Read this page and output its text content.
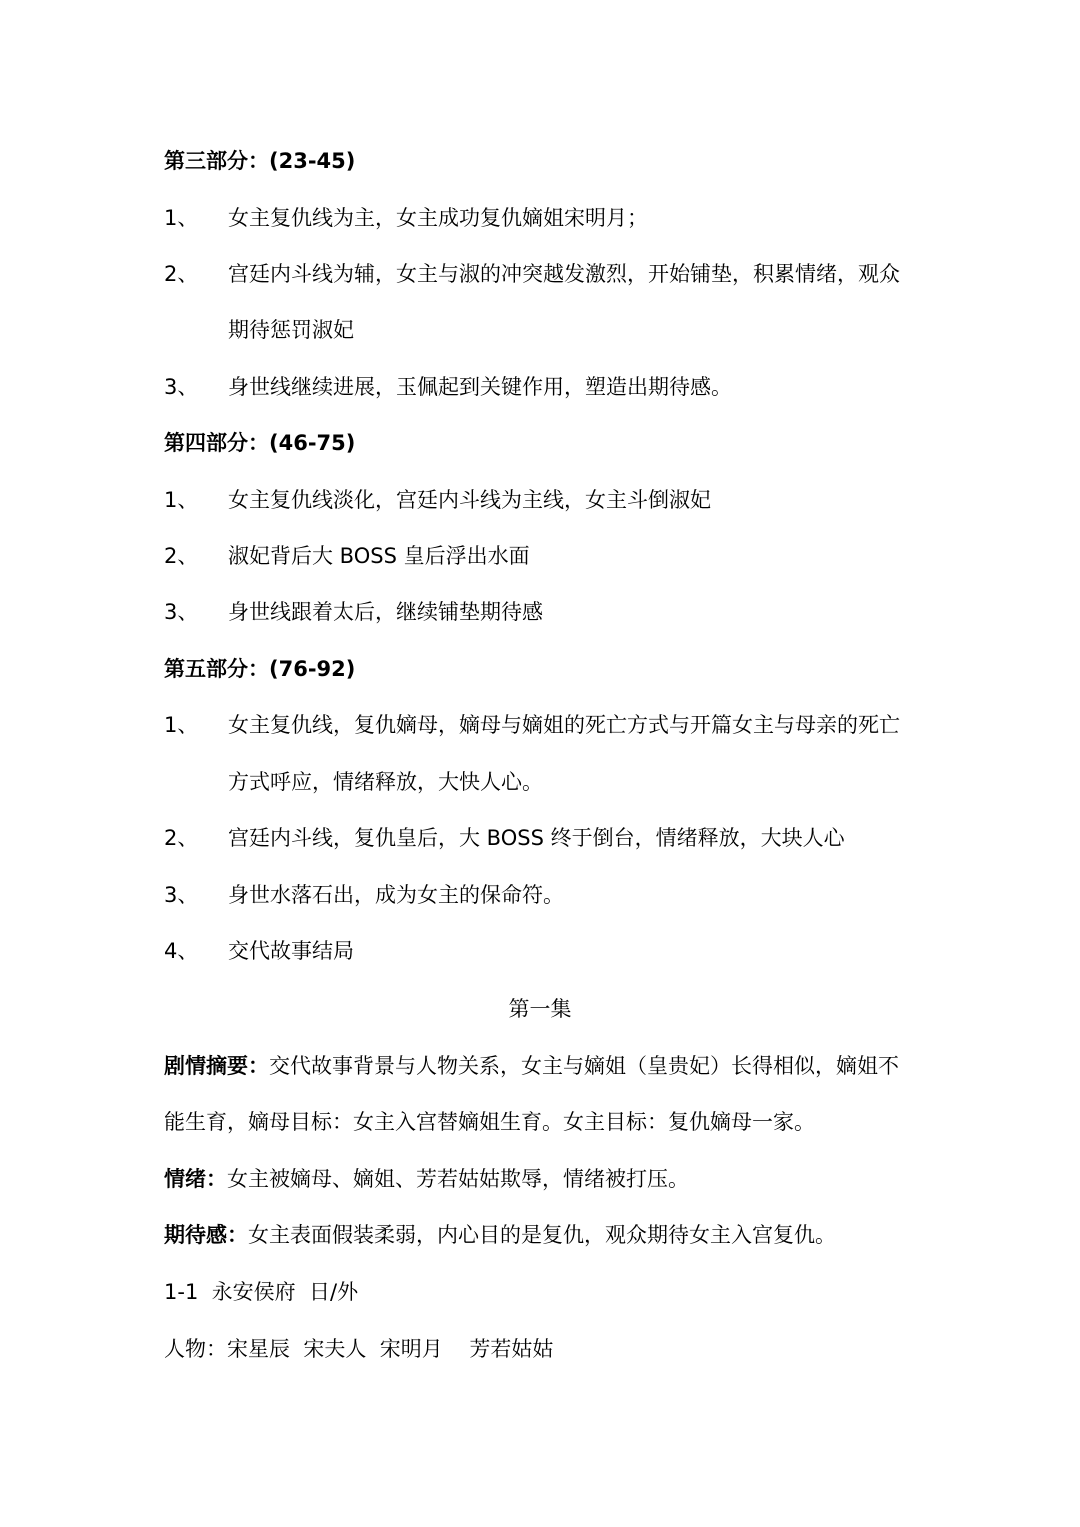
第三部分：(23-45)
1、 女主复仇线为主，女主成功复仇嫡姐宋明月；
2、 宫廷内斗线为辅，女主与淑的冲突越发激烈，开始铺垫，积累情绪，观众
期待惩罚淑妃
3、 身世线继续进展，玉佩起到关键作用，塑造出期待感。
第四部分：(46-75)
1、 女主复仇线淡化，宫廷内斗线为主线，女主斗倒淑妃
2、 淑妃背后大 BOSS 皇后浮出水面
3、 身世线跟着太后，继续铺垫期待感
第五部分：(76-92)
1、 女主复仇线，复仇嫡母，嫡母与嫡姐的死亡方式与开篇女主与母亲的死亡
方式呼应，情绪释放，大快人心。
2、 宫廷内斗线，复仇皇后，大 BOSS 终于倒台，情绪释放，大块人心
3、 身世水落石出，成为女主的保命符。
4、 交代故事结局
第一集
剧情摘要：交代故事背景与人物关系，女主与嫡姐（皇贵妃）长得相似，嫡姐不
能生育，嫡母目标：女主入宫替嫡姐生育。女主目标：复仇嫡母一家。
情绪：女主被嫡母、嫡姐、芳若姑姑欺辱，情绪被打压。
期待感：女主表面假装柔弱，内心目的是复仇，观众期待女主入宫复仇。
1-1  永安侯府  日/外
人物：宋星辰  宋夫人  宋明月    芳若姑姑
